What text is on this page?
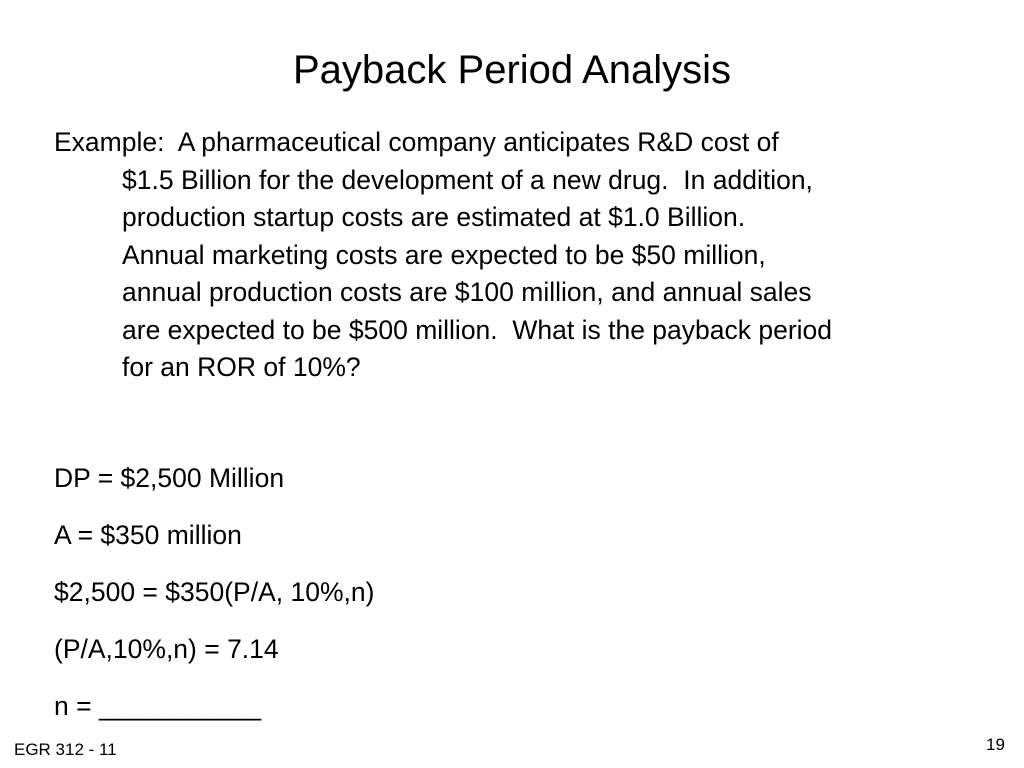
Payback Period Analysis
Example:  A pharmaceutical company anticipates R&D cost of
$1.5 Billion for the development of a new drug.  In addition,
production startup costs are estimated at $1.0 Billion.
Annual marketing costs are expected to be $50 million,
annual production costs are $100 million, and annual sales
are expected to be $500 million.  What is the payback period
for an ROR of 10%?
DP = $2,500 Million
A = $350 million
$2,500 = $350(P/A, 10%,n)
(P/A,10%,n) = 7.14
n = ___________
EGR 312 - 11	19
